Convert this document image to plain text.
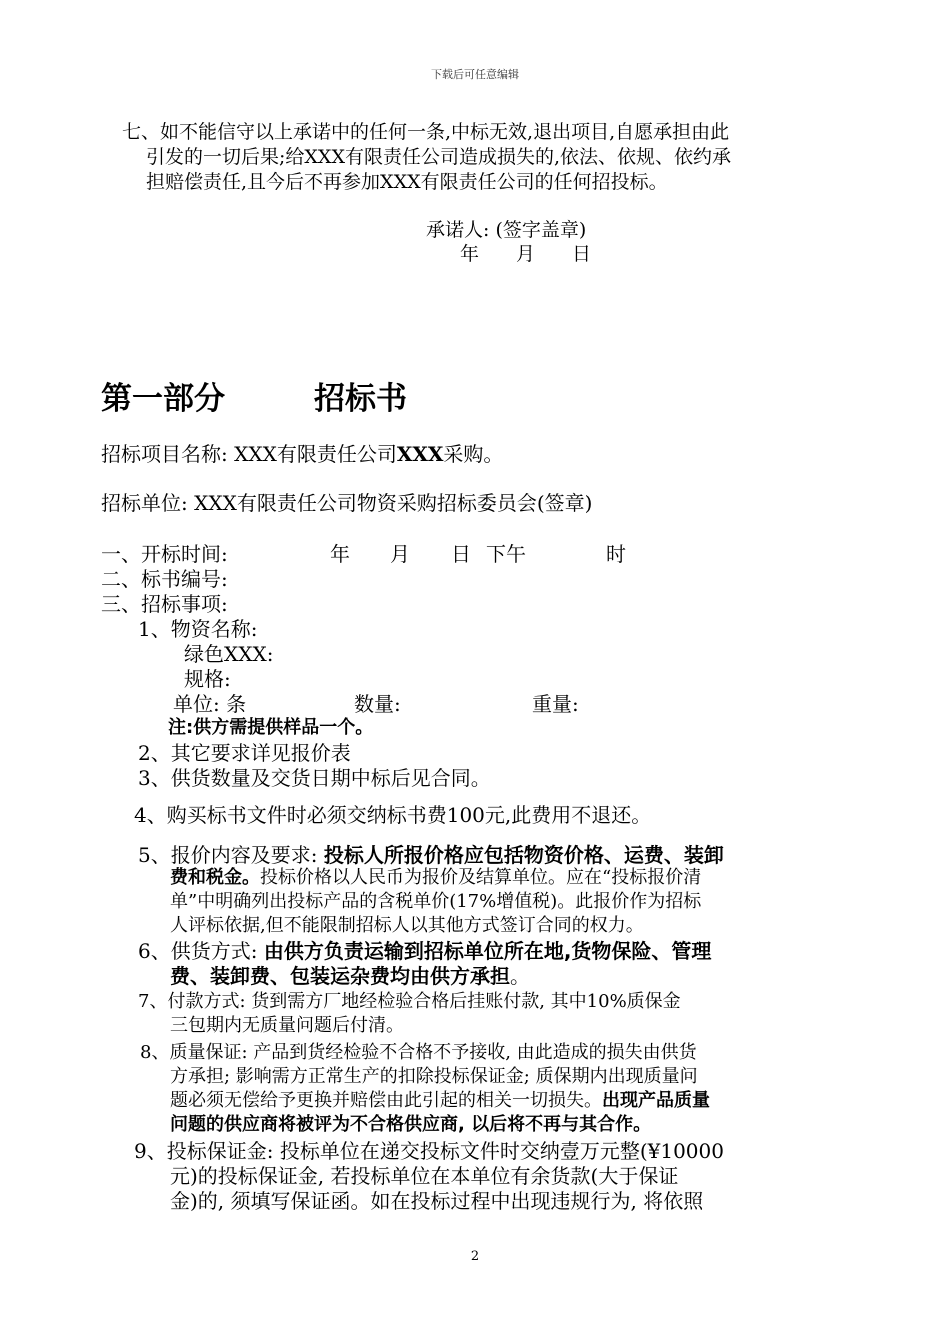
下载后可任意编辑
七、如不能信守以上承诺中的任何一条,中标无效,退出项目,自愿承担由此
引发的一切后果;给XXX有限责任公司造成损失的,依法、依规、依约承
担赔偿责任,且今后不再参加XXX有限责任公司的任何招投标。
承诺人: (签字盖章)
年 月 日
第一部分	招标书
招标项目名称: XXX有限责任公司XXX采购。
招标单位: XXX有限责任公司物资采购招标委员会(签章)
一、开标时间:	年 月 日 下午	时
二、标书编号:
三、招标事项:
1、物资名称:
绿色XXX:
规格:
单位: 条	数量:	重量:
注:供方需提供样品一个。
2、其它要求详见报价表
3、供货数量及交货日期中标后见合同。
4、购买标书文件时必须交纳标书费100元,此费用不退还。
5、报价内容及要求: 投标人所报价格应包括物资价格、运费、装卸
费和税金。投标价格以人民币为报价及结算单位。应在“投标报价清
单”中明确列出投标产品的含税单价(17%增值税)。此报价作为招标
人评标依据,但不能限制招标人以其他方式签订合同的权力。
6、供货方式: 由供方负责运输到招标单位所在地,货物保险、管理
费、装卸费、包装运杂费均由供方承担。
7、付款方式: 货到需方厂地经检验合格后挂账付款, 其中10%质保金
三包期内无质量问题后付清。
8、质量保证: 产品到货经检验不合格不予接收, 由此造成的损失由供货
方承担; 影响需方正常生产的扣除投标保证金; 质保期内出现质量问
题必须无偿给予更换并赔偿由此引起的相关一切损失。出现产品质量
问题的供应商将被评为不合格供应商, 以后将不再与其合作。
9、投标保证金: 投标单位在递交投标文件时交纳壹万元整(¥10000
元)的投标保证金, 若投标单位在本单位有余货款(大于保证
金)的, 须填写保证函。如在投标过程中出现违规行为, 将依照
2
